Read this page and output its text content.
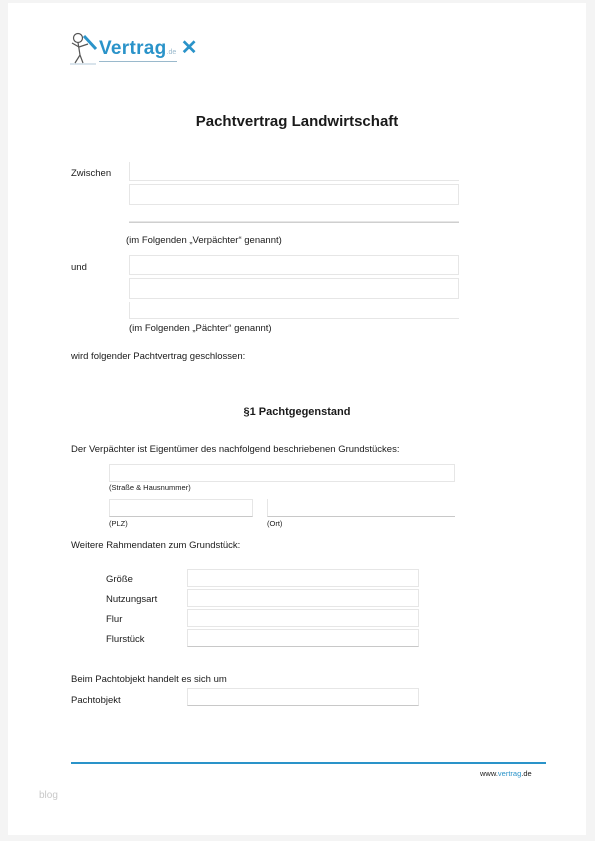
Vertrag.de ✕
Pachtvertrag Landwirtschaft
Zwischen
(im Folgenden „Verpächter“ genannt)
und
(im Folgenden „Pächter“ genannt)
wird folgender Pachtvertrag geschlossen:
§1 Pachtgegenstand
Der Verpächter ist Eigentümer des nachfolgend beschriebenen Grundstückes:
(Straße & Hausnummer)
(PLZ)	(Ort)
Weitere Rahmendaten zum Grundstück:
Größe
Nutzungsart
Flur
Flurstück
Beim Pachtobjekt handelt es sich um
Pachtobjekt
www.vertrag.de
blog
